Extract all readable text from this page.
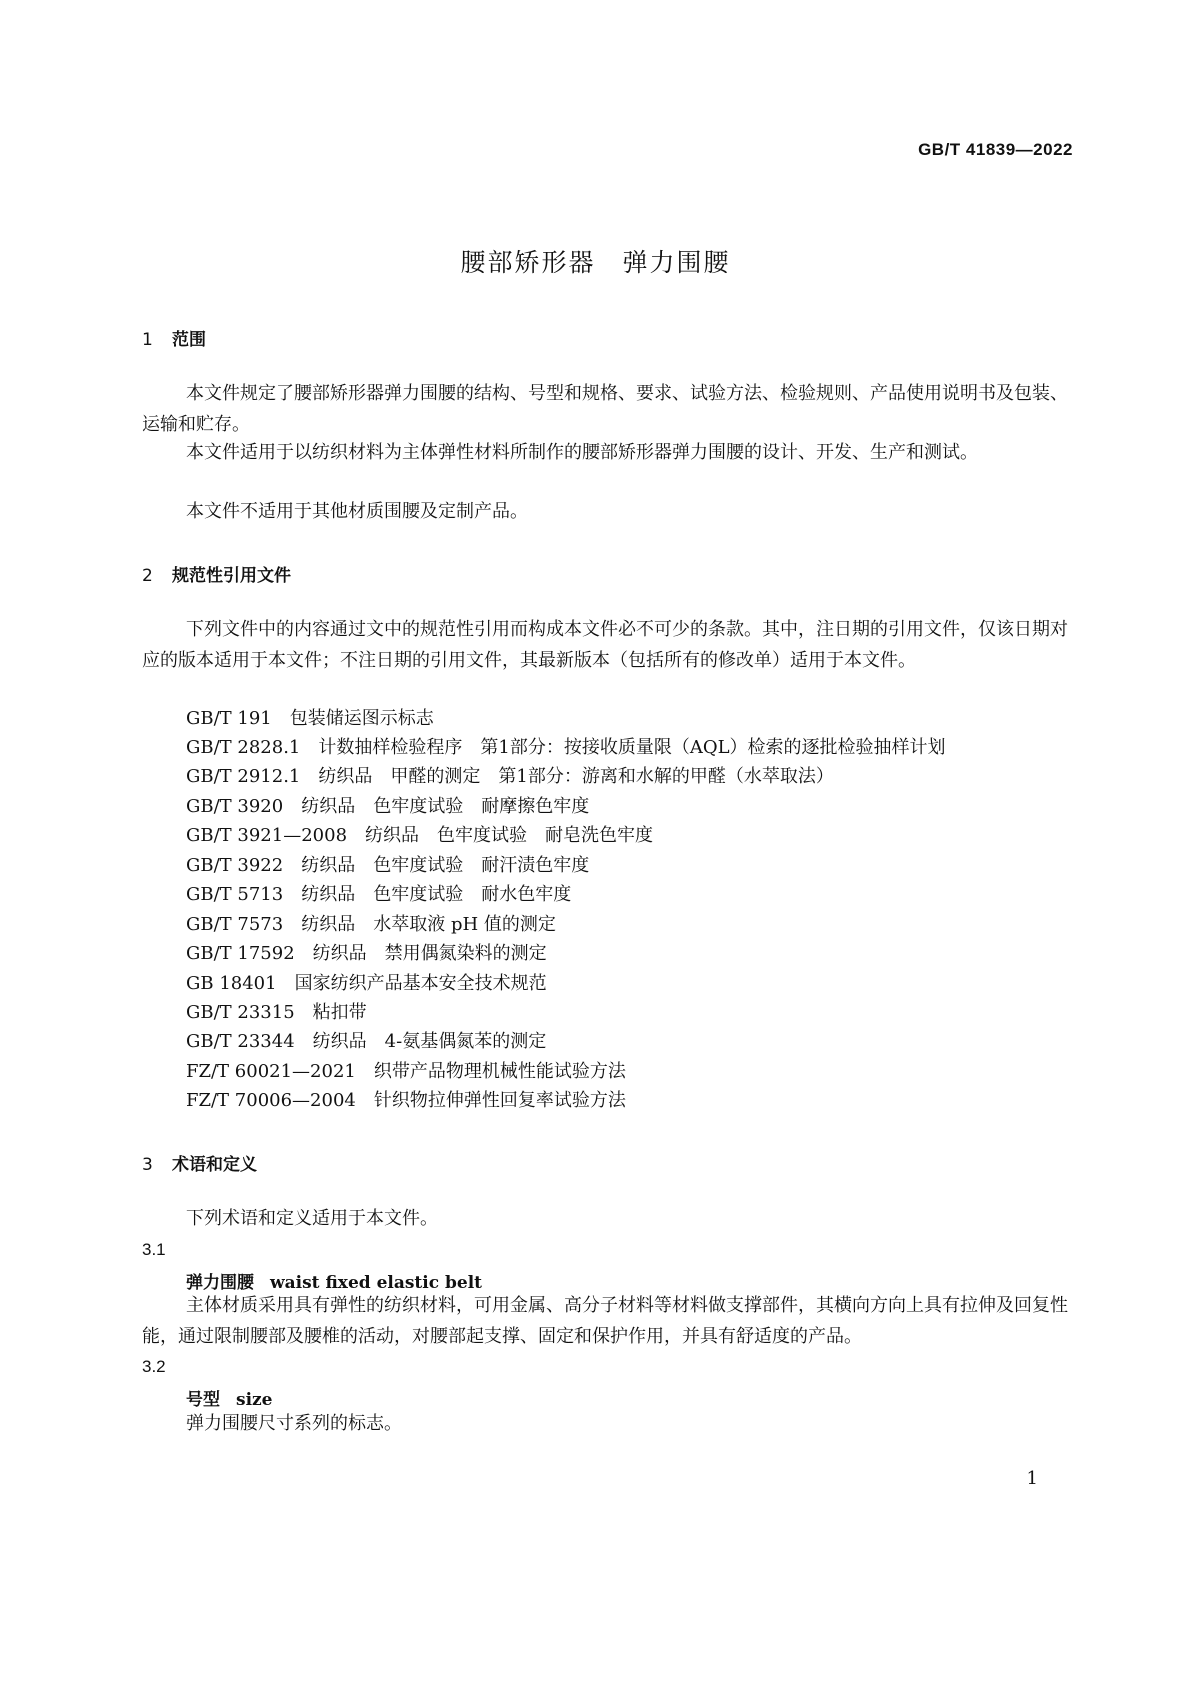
GB/T 41839—2022
腰部矫形器　弹力围腰
1 范围
本文件规定了腰部矫形器弹力围腰的结构、号型和规格、要求、试验方法、检验规则、产品使用说明书及包装、运输和贮存。
本文件适用于以纺织材料为主体弹性材料所制作的腰部矫形器弹力围腰的设计、开发、生产和测试。
本文件不适用于其他材质围腰及定制产品。
2 规范性引用文件
下列文件中的内容通过文中的规范性引用而构成本文件必不可少的条款。其中，注日期的引用文件，仅该日期对应的版本适用于本文件；不注日期的引用文件，其最新版本（包括所有的修改单）适用于本文件。
GB/T 191 包装储运图示标志
GB/T 2828.1 计数抽样检验程序　第1部分：按接收质量限（AQL）检索的逐批检验抽样计划
GB/T 2912.1 纺织品　甲醛的测定　第1部分：游离和水解的甲醛（水萃取法）
GB/T 3920 纺织品　色牢度试验　耐摩擦色牢度
GB/T 3921—2008 纺织品　色牢度试验　耐皂洗色牢度
GB/T 3922 纺织品　色牢度试验　耐汗渍色牢度
GB/T 5713 纺织品　色牢度试验　耐水色牢度
GB/T 7573 纺织品　水萃取液 pH 值的测定
GB/T 17592 纺织品　禁用偶氮染料的测定
GB 18401 国家纺织产品基本安全技术规范
GB/T 23315 粘扣带
GB/T 23344 纺织品　4-氨基偶氮苯的测定
FZ/T 60021—2021 织带产品物理机械性能试验方法
FZ/T 70006—2004 针织物拉伸弹性回复率试验方法
3 术语和定义
下列术语和定义适用于本文件。
3.1
弹力围腰 waist fixed elastic belt
主体材质采用具有弹性的纺织材料，可用金属、高分子材料等材料做支撑部件，其横向方向上具有拉伸及回复性能，通过限制腰部及腰椎的活动，对腰部起支撑、固定和保护作用，并具有舒适度的产品。
3.2
号型 size
弹力围腰尺寸系列的标志。
1
